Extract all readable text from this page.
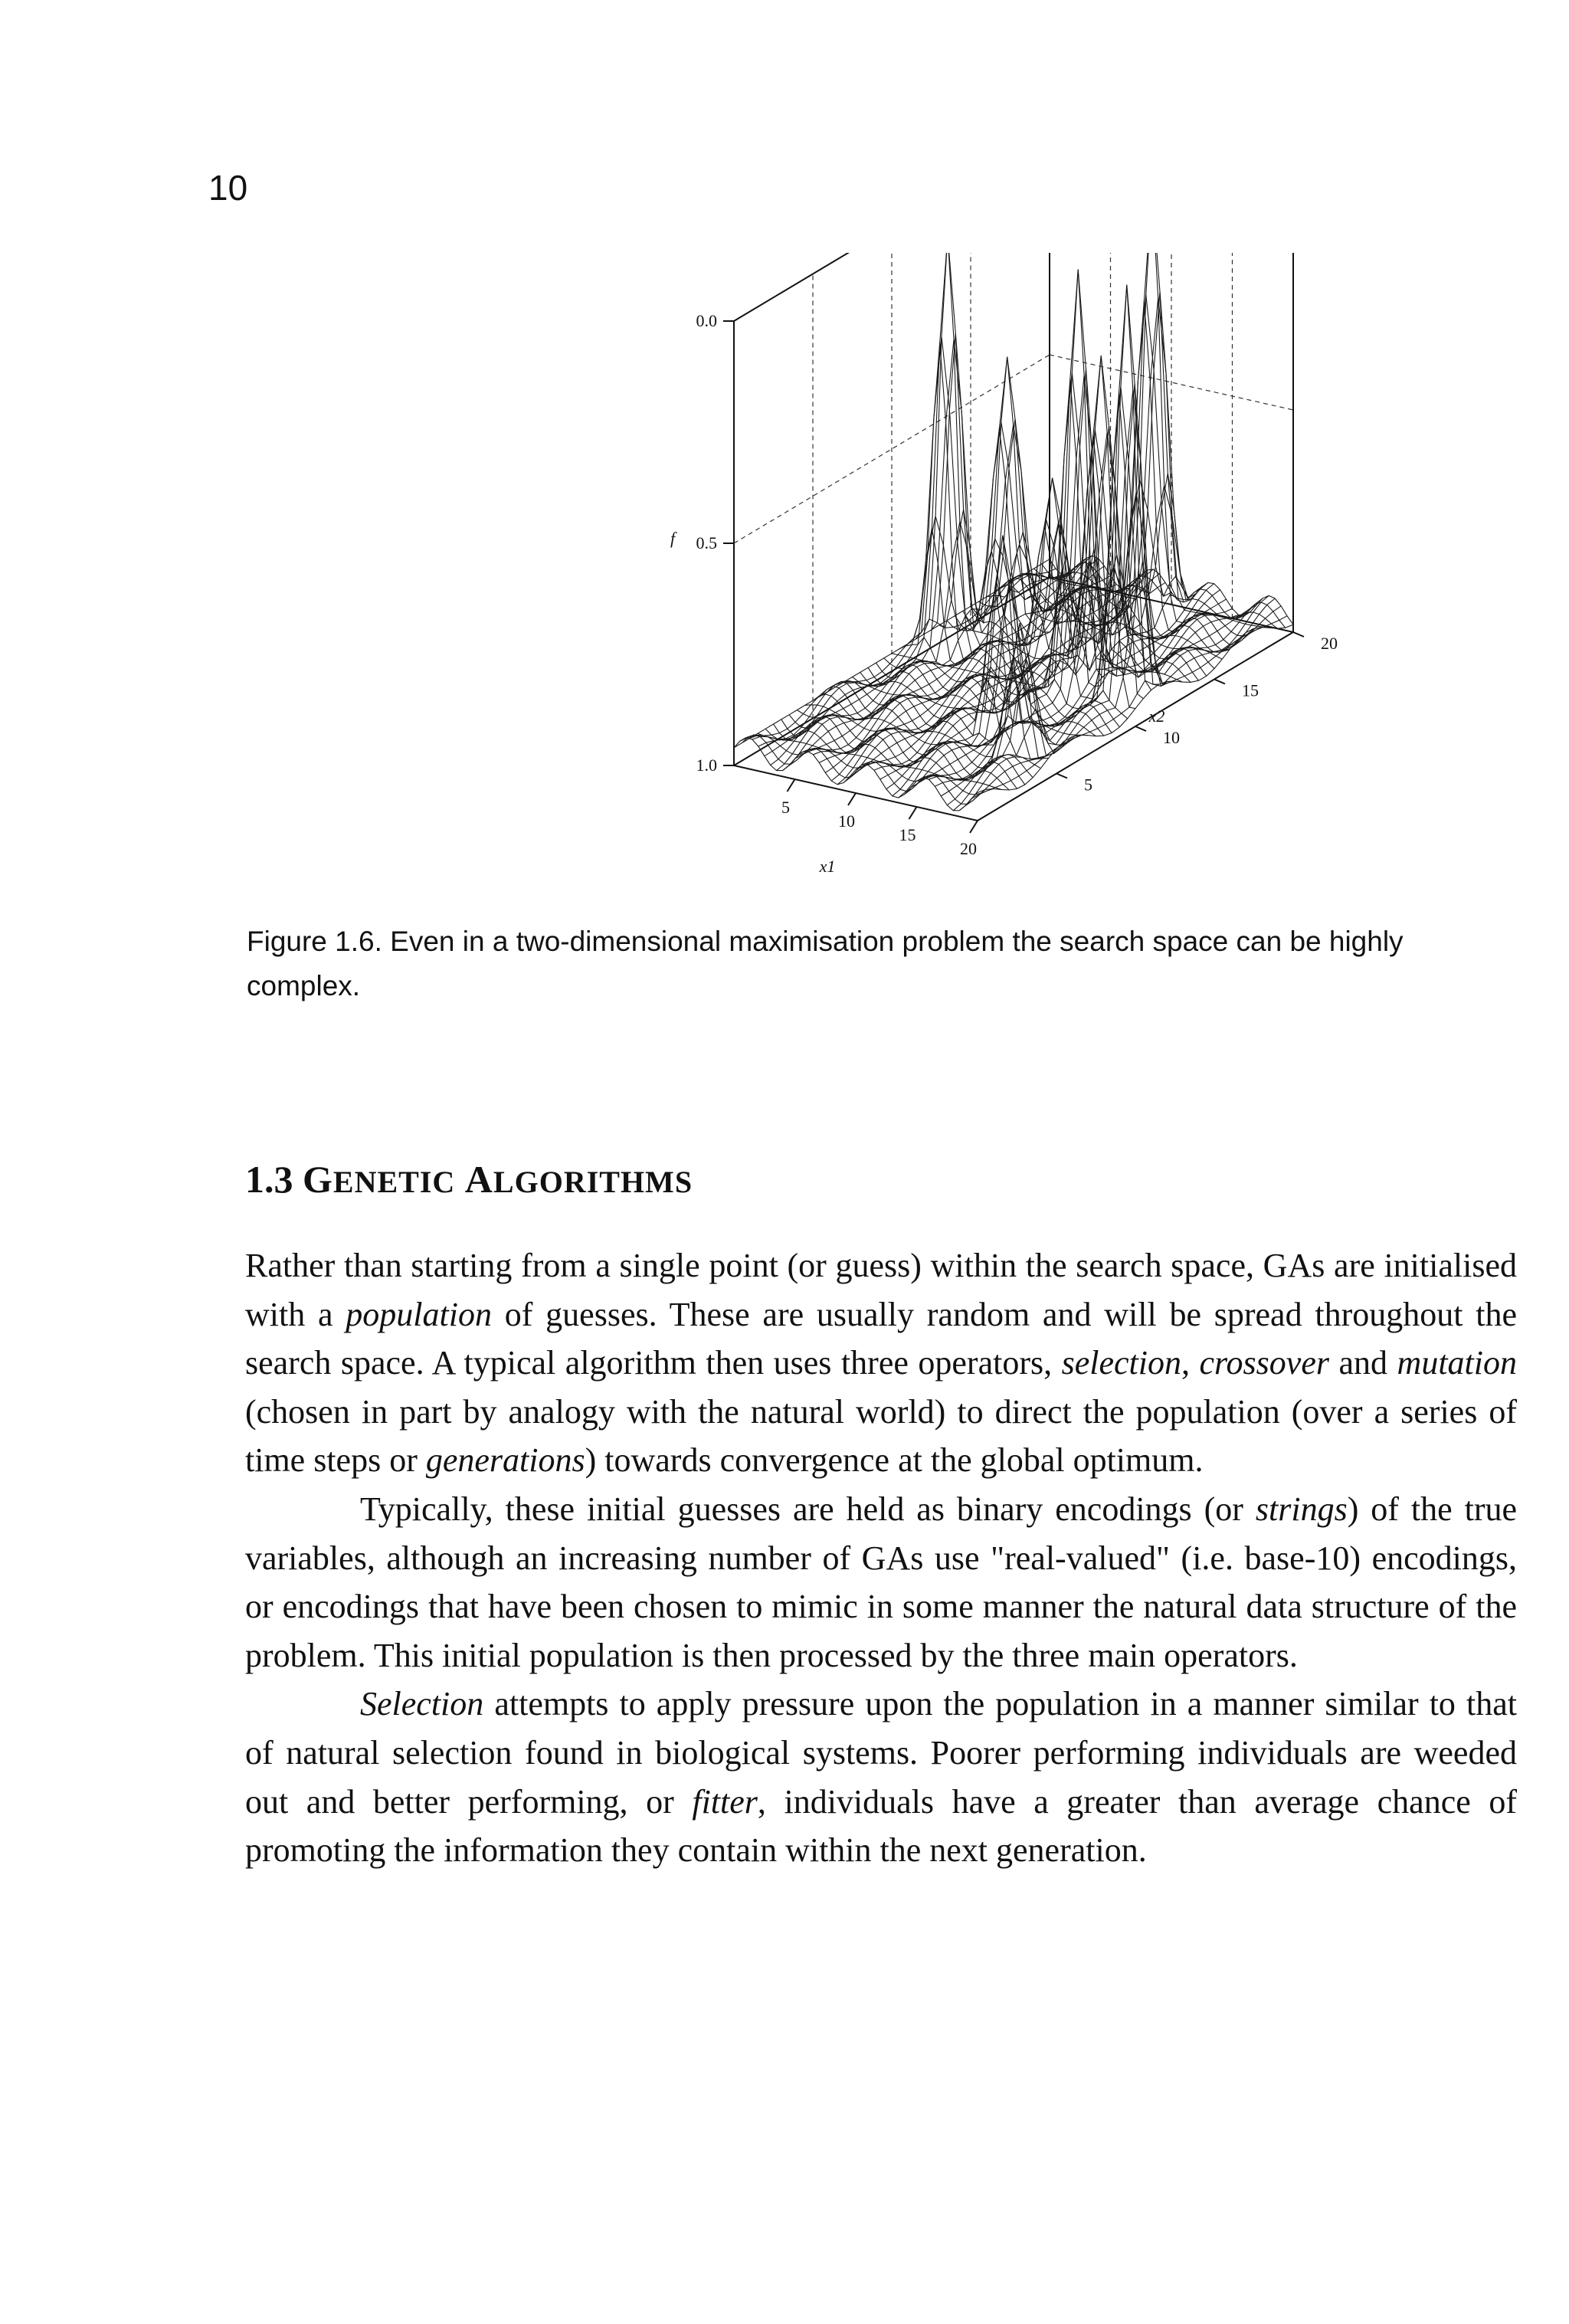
10
1.0
0.5
0.0
f
5
10
15
20
x1
5
10
15
20
x2
Figure 1.6. Even in a two-dimensional maximisation problem the search space can be highly complex.
1.3 GENETIC ALGORITHMS

Rather than starting from a single point (or guess) within the search space, GAs are initialised with a population of guesses. These are usually random and will be spread throughout the search space. A typical algorithm then uses three operators, selection, crossover and mutation (chosen in part by analogy with the natural world) to direct the population (over a series of time steps or generations) towards convergence at the global optimum.

Typically, these initial guesses are held as binary encodings (or strings) of the true variables, although an increasing number of GAs use "real-valued" (i.e. base-10) encodings, or encodings that have been chosen to mimic in some manner the natural data structure of the problem. This initial population is then processed by the three main operators.

Selection attempts to apply pressure upon the population in a manner similar to that of natural selection found in biological systems. Poorer performing individuals are weeded out and better performing, or fitter, individuals have a greater than average chance of promoting the information they contain within the next generation.
